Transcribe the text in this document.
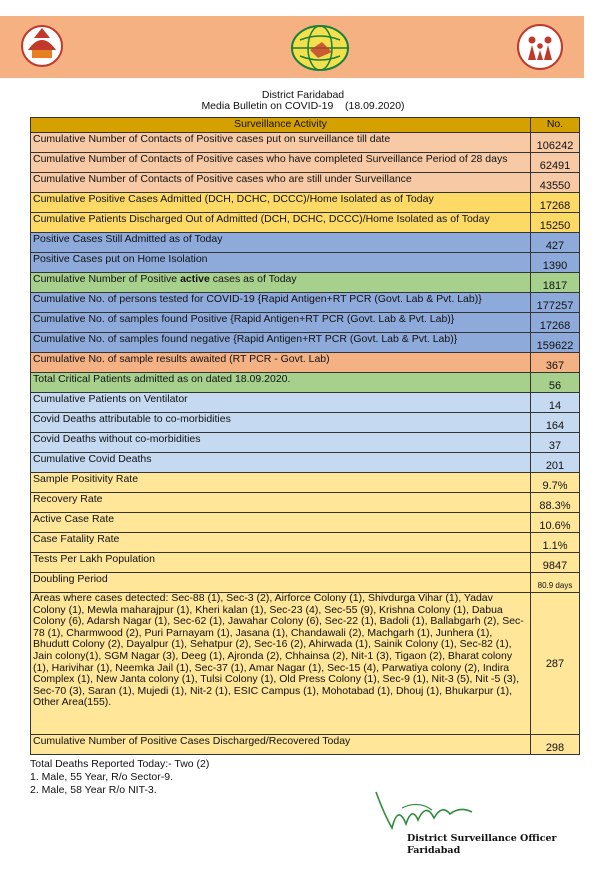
District Faridabad
Media Bulletin on COVID-19    (18.09.2020)
Surveillance Activity	No.
Cumulative Number of Contacts of Positive cases put on surveillance till date	106242
Cumulative Number of Contacts of Positive cases who have completed Surveillance Period of 28 days	62491
Cumulative Number of Contacts of Positive cases who are still under Surveillance	43550
Cumulative Positive Cases Admitted (DCH, DCHC, DCCC)/Home Isolated as of Today	17268
Cumulative Patients Discharged Out of Admitted (DCH, DCHC, DCCC)/Home Isolated as of Today	15250
Positive Cases Still Admitted as of Today	427
Positive Cases put on Home Isolation	1390
Cumulative Number of Positive active cases as of Today	1817
Cumulative No. of persons tested for COVID-19 {Rapid Antigen+RT PCR (Govt. Lab & Pvt. Lab)}	177257
Cumulative No. of samples found Positive {Rapid Antigen+RT PCR (Govt. Lab & Pvt. Lab)}	17268
Cumulative No. of samples found negative {Rapid Antigen+RT PCR (Govt. Lab & Pvt. Lab)}	159622
Cumulative No. of sample results awaited (RT PCR - Govt. Lab)	367
Total Critical Patients admitted as on dated 18.09.2020.	56
Cumulative Patients on Ventilator	14
Covid Deaths attributable to co-morbidities	164
Covid Deaths without co-morbidities	37
Cumulative Covid Deaths	201
Sample Positivity Rate	9.7%
Recovery Rate	88.3%
Active Case Rate	10.6%
Case Fatality Rate	1.1%
Tests Per Lakh Population	9847
Doubling Period	80.9 days
Areas where cases detected: Sec-88 (1), Sec-3 (2), Airforce Colony (1), Shivdurga Vihar (1), Yadav Colony (1), Mewla maharajpur (1), Kheri kalan (1), Sec-23 (4), Sec-55 (9), Krishna Colony (1), Dabua Colony (6), Adarsh Nagar (1), Sec-62 (1), Jawahar Colony (6), Sec-22 (1), Badoli (1), Ballabgarh (2), Sec-78 (1), Charmwood (2), Puri Parnayam (1), Jasana (1), Chandawali (2), Machgarh (1), Junhera (1), Bhudutt Colony (2), Dayalpur (1), Sehatpur (2), Sec-16 (2), Ahirwada (1), Sainik Colony (1), Sec-82 (1), Jain colony(1), SGM Nagar (3), Deeg (1), Ajronda (2), Chhainsa (2), Nit-1 (3), Tigaon (2), Bharat colony (1), Harivihar (1), Neemka Jail (1), Sec-37 (1), Amar Nagar (1), Sec-15 (4), Parwatiya colony (2), Indira Complex (1), New Janta colony (1), Tulsi Colony (1), Old Press Colony (1), Sec-9 (1), Nit-3 (5), Nit -5 (3), Sec-70 (3), Saran (1), Mujedi (1), Nit-2 (1), ESIC Campus (1), Mohotabad (1), Dhouj (1), Bhukarpur (1), Other Area(155).	287
Cumulative Number of Positive Cases Discharged/Recovered Today	298
Total Deaths Reported Today:- Two (2)
1. Male, 55 Year, R/o Sector-9.
2. Male, 58 Year R/o NIT-3.
District Surveillance Officer
Faridabad
